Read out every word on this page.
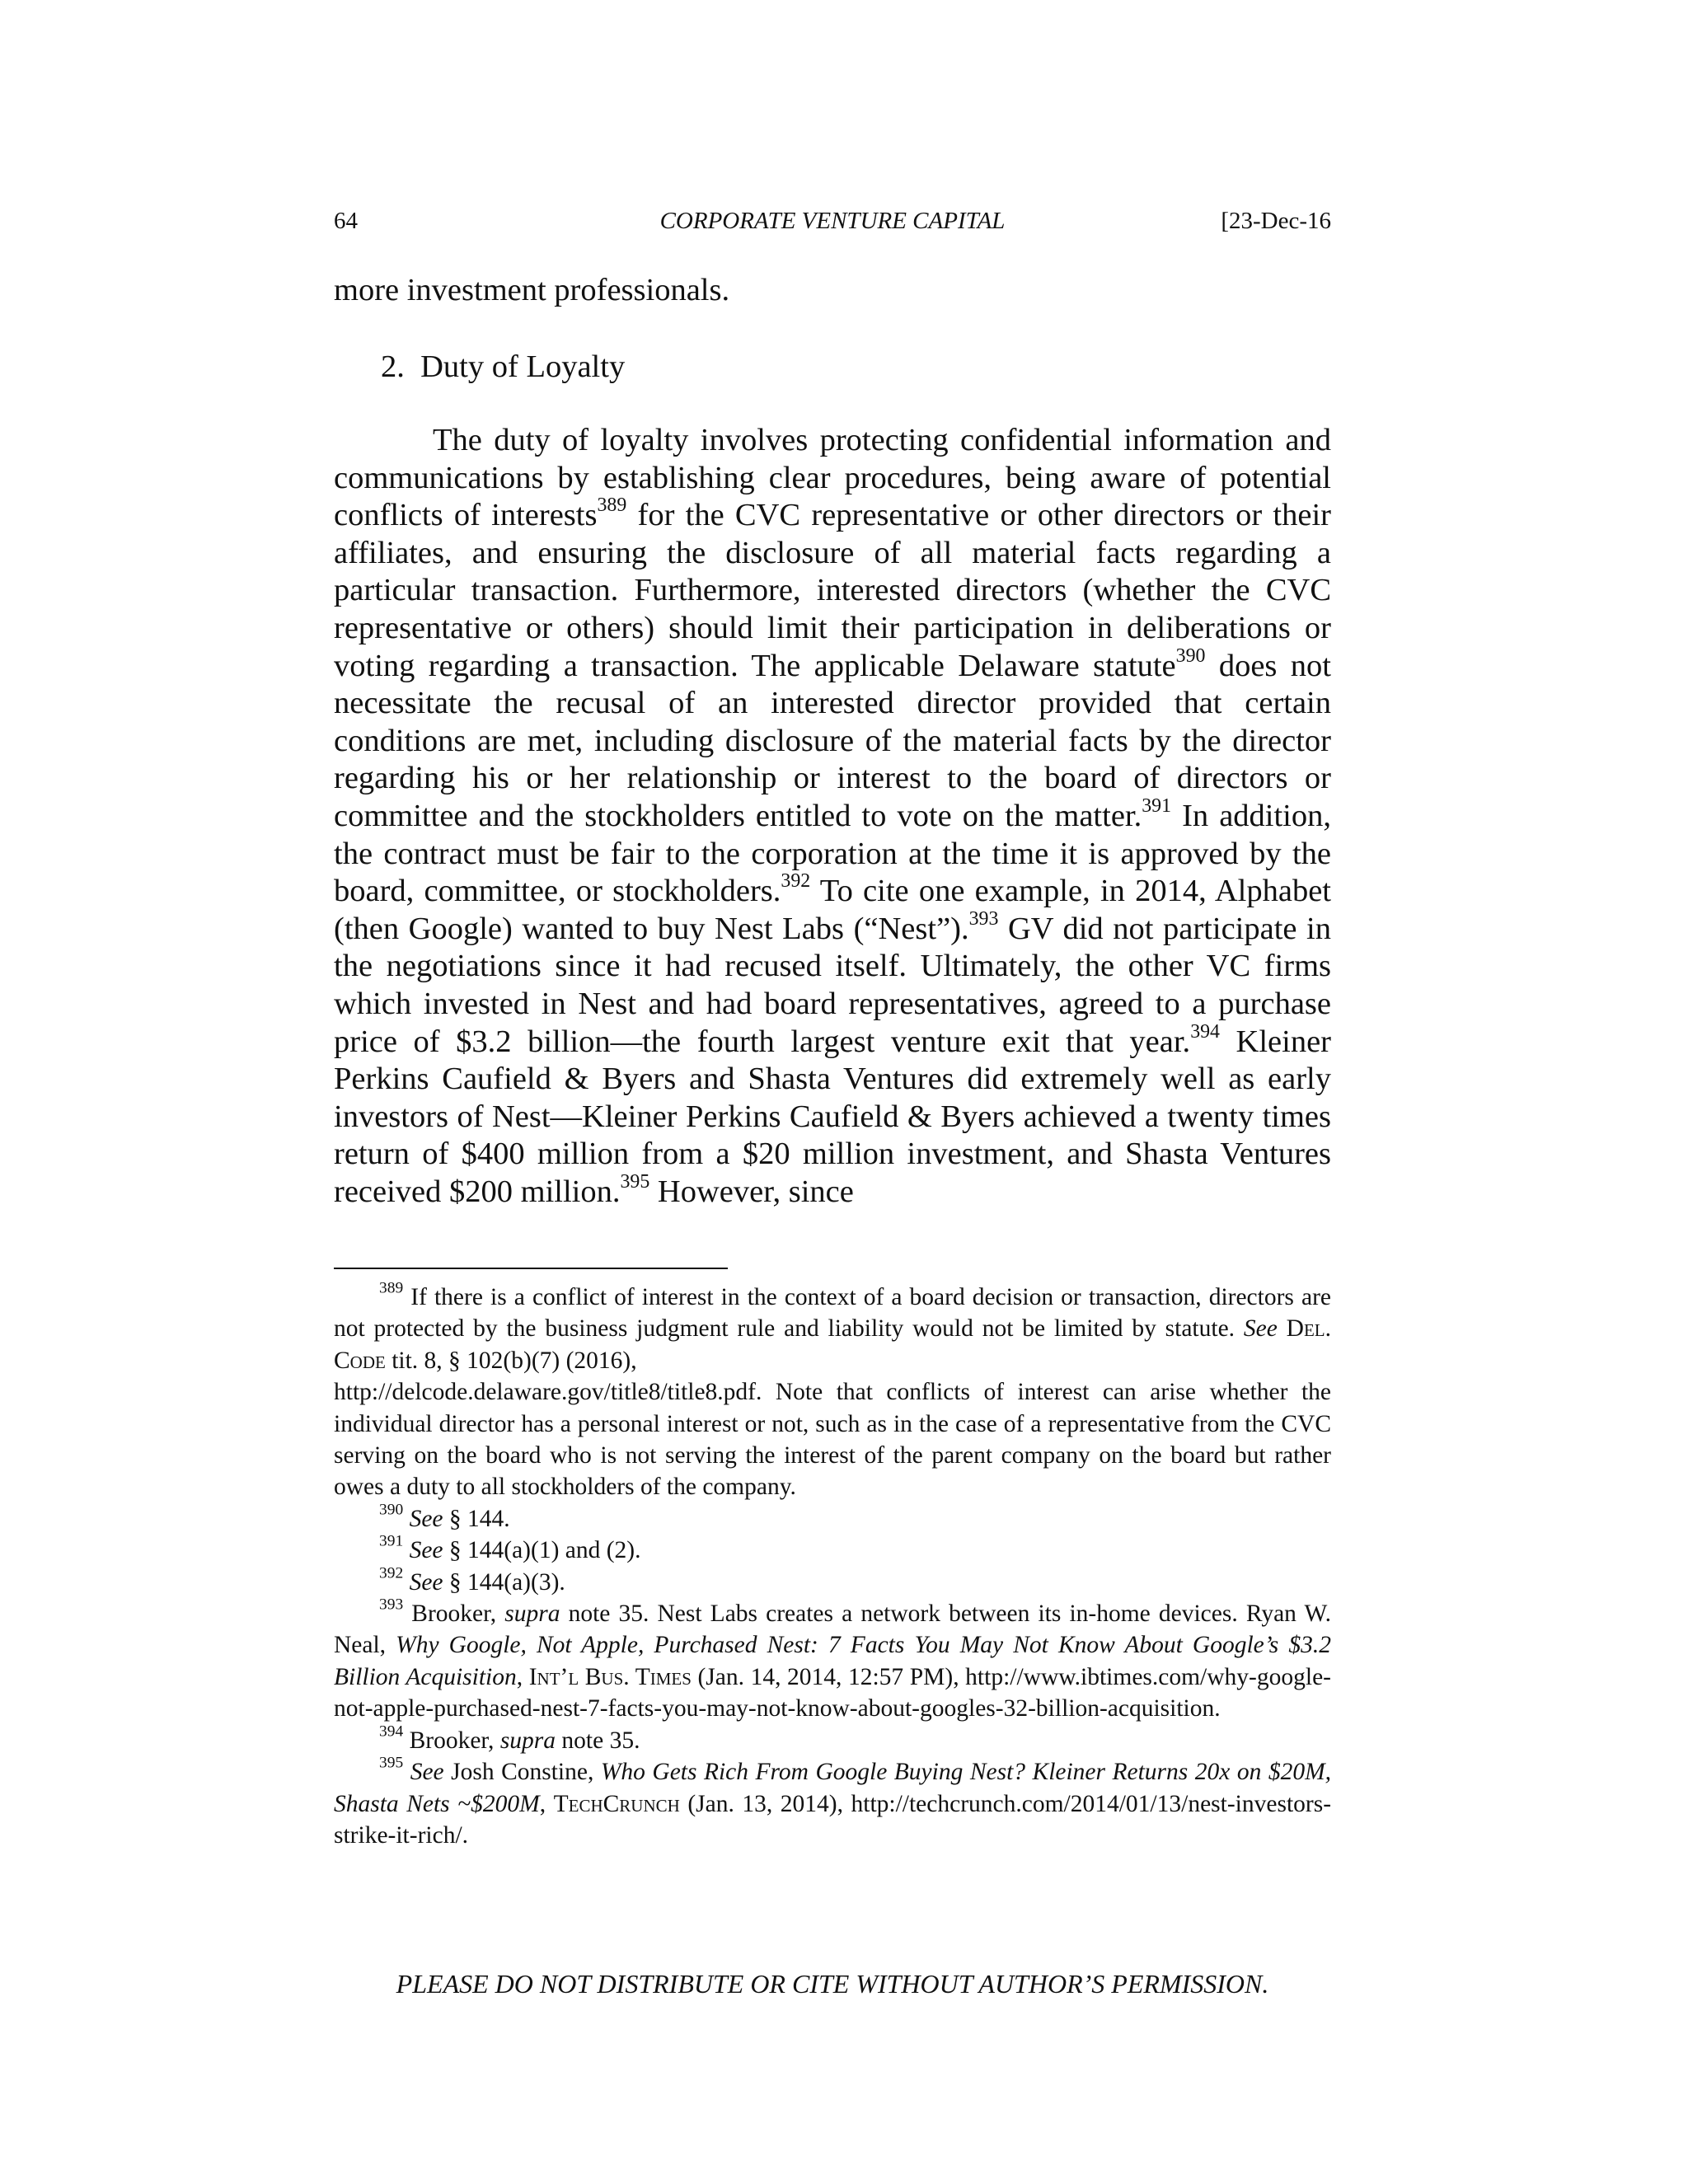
64	CORPORATE VENTURE CAPITAL	[23-Dec-16
more investment professionals.
2. Duty of Loyalty

The duty of loyalty involves protecting confidential information and communications by establishing clear procedures, being aware of potential conflicts of interests$^{389}$ for the CVC representative or other directors or their affiliates, and ensuring the disclosure of all material facts regarding a particular transaction. Furthermore, interested directors (whether the CVC representative or others) should limit their participation in deliberations or voting regarding a transaction. The applicable Delaware statute$^{390}$ does not necessitate the recusal of an interested director provided that certain conditions are met, including disclosure of the material facts by the director regarding his or her relationship or interest to the board of directors or committee and the stockholders entitled to vote on the matter.$^{391}$ In addition, the contract must be fair to the corporation at the time it is approved by the board, committee, or stockholders.$^{392}$ To cite one example, in 2014, Alphabet (then Google) wanted to buy Nest Labs (“Nest”).$^{393}$ GV did not participate in the negotiations since it had recused itself. Ultimately, the other VC firms which invested in Nest and had board representatives, agreed to a purchase price of $3.2 billion—the fourth largest venture exit that year.$^{394}$ Kleiner Perkins Caufield & Byers and Shasta Ventures did extremely well as early investors of Nest—Kleiner Perkins Caufield & Byers achieved a twenty times return of $400 million from a $20 million investment, and Shasta Ventures received $200 million.$^{395}$ However, since

$^{389}$ If there is a conflict of interest in the context of a board decision or transaction, directors are not protected by the business judgment rule and liability would not be limited by statute. See Del. Code tit. 8, § 102(b)(7) (2016),
http://delcode.delaware.gov/title8/title8.pdf. Note that conflicts of interest can arise whether the individual director has a personal interest or not, such as in the case of a representative from the CVC serving on the board who is not serving the interest of the parent company on the board but rather owes a duty to all stockholders of the company.

$^{390}$ See § 144.

$^{391}$ See § 144(a)(1) and (2).

$^{392}$ See § 144(a)(3).

$^{393}$ Brooker, supra note 35. Nest Labs creates a network between its in-home devices. Ryan W. Neal, Why Google, Not Apple, Purchased Nest: 7 Facts You May Not Know About Google’s $3.2 Billion Acquisition, Int’l Bus. Times (Jan. 14, 2014, 12:57 PM), http://www.ibtimes.com/why-google-not-apple-purchased-nest-7-facts-you-may-not-know-about-googles-32-billion-acquisition.

$^{394}$ Brooker, supra note 35.

$^{395}$ See Josh Constine, Who Gets Rich From Google Buying Nest? Kleiner Returns 20x on $20M, Shasta Nets ~$200M, TechCrunch (Jan. 13, 2014), http://techcrunch.com/2014/01/13/nest-investors-strike-it-rich/.

PLEASE DO NOT DISTRIBUTE OR CITE WITHOUT AUTHOR’S PERMISSION.
